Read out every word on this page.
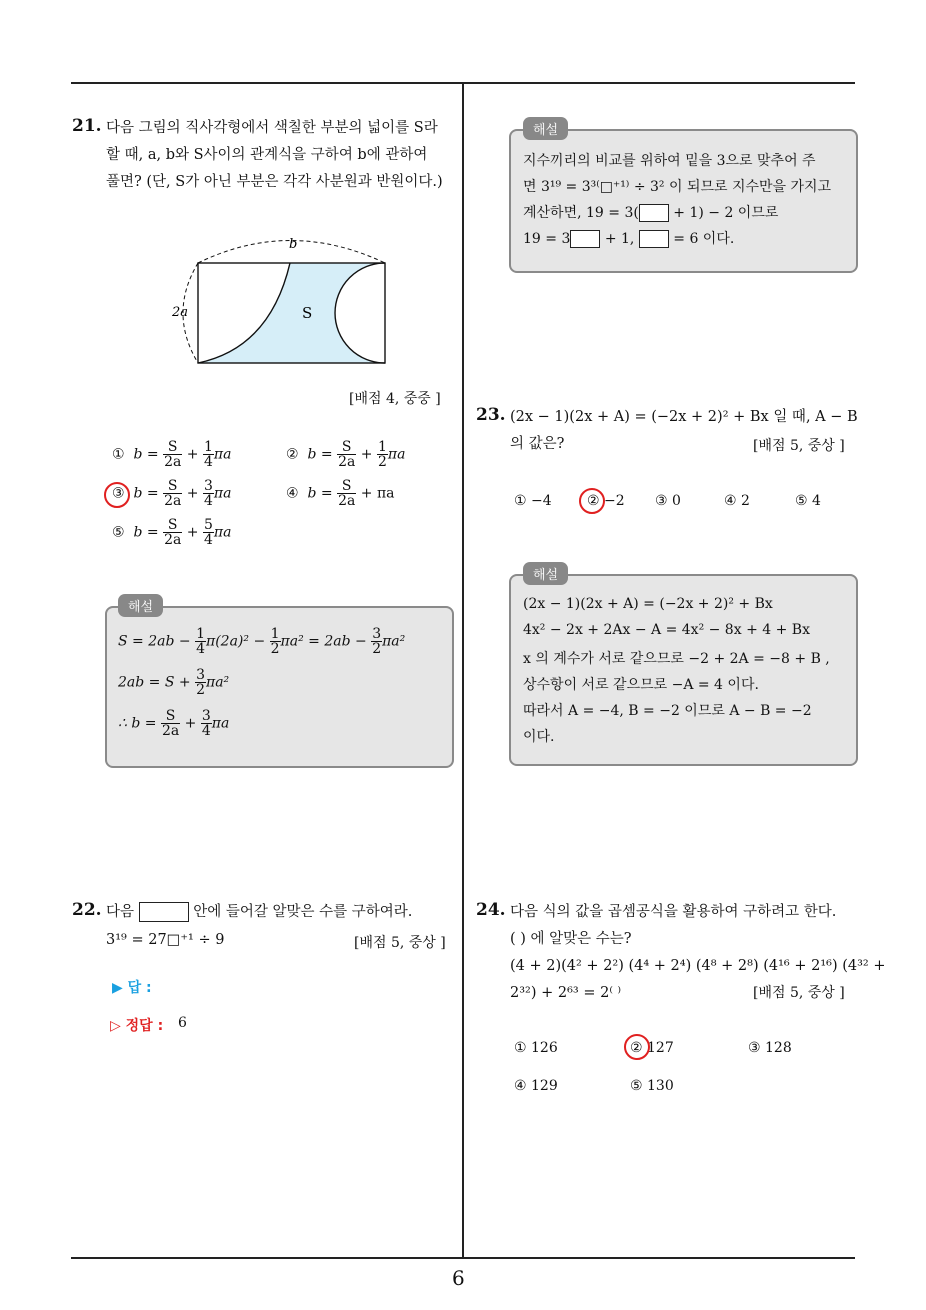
6
21. 다음 그림의 직사각형에서 색칠한 부분의 넓이를 S라
할 때, a, b와 S사이의 관계식을 구하여 b에 관하여
풀면? (단, S가 아닌 부분은 각각 사분원과 반원이다.)
b
2a	S
[배점 4, 중중 ]
① $b = \frac{S}{2a} + \frac{1}{4}$ πa	② $b = \frac{S}{2a} + \frac{1}{2}$ πa
③ $b = \frac{S}{2a} + \frac{3}{4}$ πa	④ $b = \frac{S}{2a} + \pi a$
⑤ $b = \frac{S}{2a} + \frac{5}{4}$ πa
해설
$S = 2ab - \frac{1}{4} \pi(2a)^2 - \frac{1}{2} \pi a^2 = 2ab - \frac{3}{2} \pi a^2$
$2ab = S + \frac{3}{2} \pi a^2$
∴ $b = \frac{S}{2a} + \frac{3}{4}$ πa
22. 다음	안에 들어갈 알맞은 수를 구하여라.
3¹⁹ = 27□⁺¹ ÷ 9	[배점 5, 중상 ]
▶ 답 :
▷ 정답 : 6
해설
지수끼리의 비교를 위하여 밑을 3으로 맞추어 주
면 3¹⁹ = 3³⁽□⁺¹⁾ ÷ 3² 이 되므로 지수만을 가지고
계산하면, 19 = 3( + 1) − 2 이므로
19 = 3 + 1,	= 6 이다.
23. (2x − 1)(2x + A) = (−2x + 2)² + Bx 일 때, A − B
의 값은?	[배점 5, 중상 ]
① −4	② −2 ③ 0	④ 2	⑤ 4
해설
(2x − 1)(2x + A) = (−2x + 2)² + Bx
4x² − 2x + 2Ax − A = 4x² − 8x + 4 + Bx
x 의 계수가 서로 같으므로 −2 + 2A = −8 + B ,
상수항이 서로 같으므로 −A = 4 이다.
따라서 A = −4, B = −2 이므로 A − B = −2
이다.
24. 다음 식의 값을 곱셈공식을 활용하여 구하려고 한다.
( ) 에 알맞은 수는?
(4 + 2)(4² + 2²) (4⁴ + 2⁴) (4⁸ + 2⁸) (4¹⁶ + 2¹⁶) (4³² +
2³²) + 2⁶³ = 2⁽ ⁾	[배점 5, 중상 ]
① 126	② 127	③ 128
④ 129	⑤ 130
